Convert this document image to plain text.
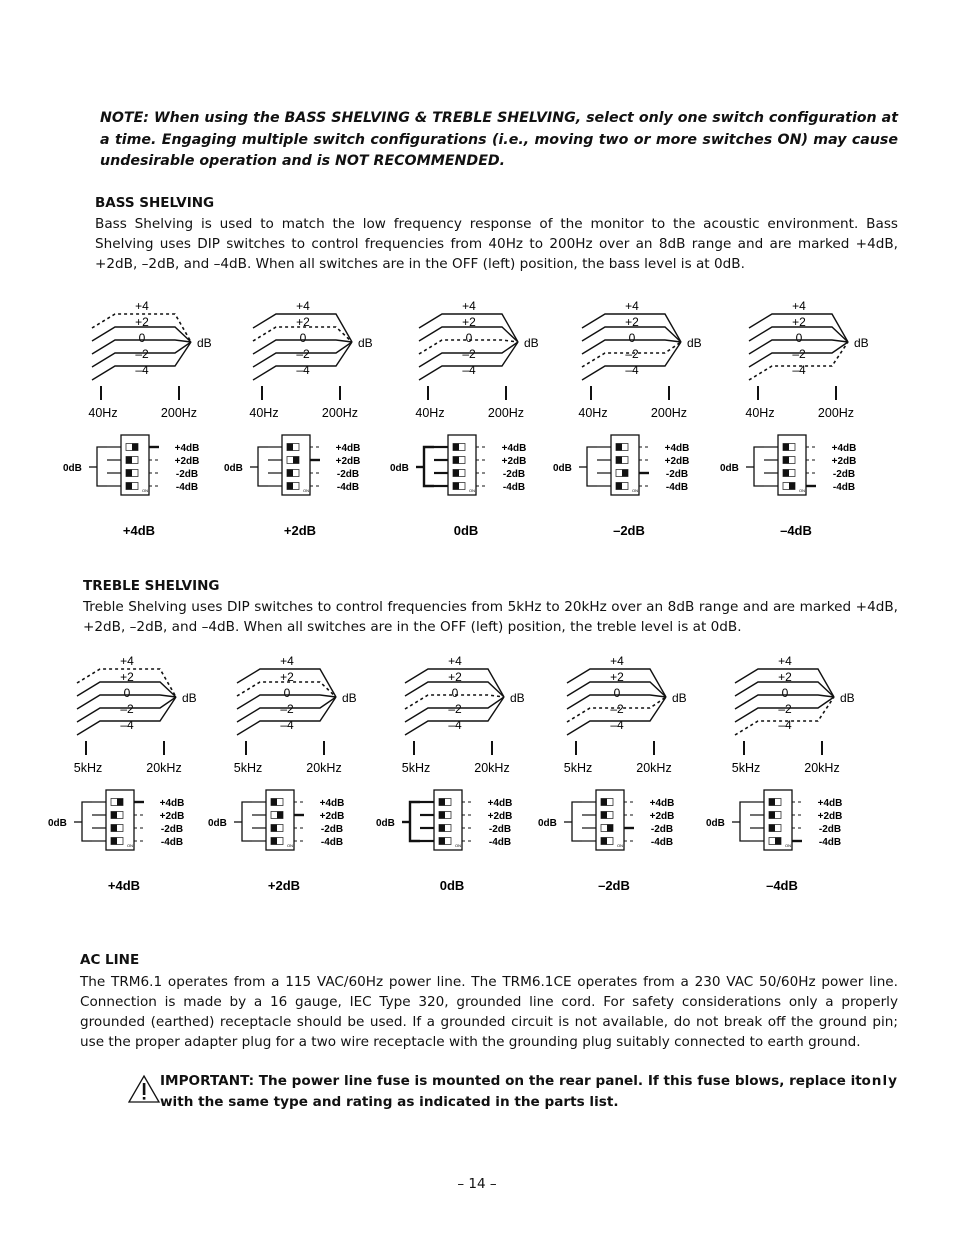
NOTE: When using the BASS SHELVING & TREBLE SHELVING, select only one switch configuration at a time. Engaging multiple switch configurations (i.e., moving two or more switches ON) may cause undesirable operation and is NOT RECOMMENDED.
BASS SHELVING
Bass Shelving is used to match the low frequency response of the monitor to the acoustic environment. Bass Shelving uses DIP switches to control frequencies from 40Hz to 200Hz over an 8dB range and are marked +4dB, +2dB, –2dB, and –4dB. When all switches are in the OFF (left) position, the bass level is at 0dB.
+4
+2
0
–2
–4
dB
40Hz	200Hz
0dB
+4dB
+2dB
-2dB
-4dB
ON
+4dB
+4
+2
0
–2
–4
dB
40Hz	200Hz
0dB
+4dB
+2dB
-2dB
-4dB
ON
+2dB
+4
+2
0
–2
–4
dB
40Hz	200Hz
0dB
+4dB
+2dB
-2dB
-4dB
ON
0dB
+4
+2
0
–2
–4
dB
40Hz	200Hz
0dB
+4dB
+2dB
-2dB
-4dB
ON
–2dB
+4
+2
0
–2
–4
dB
40Hz	200Hz
0dB
+4dB
+2dB
-2dB
-4dB
ON
–4dB
TREBLE SHELVING
Treble Shelving uses DIP switches to control frequencies from 5kHz to 20kHz over an 8dB range and are marked +4dB, +2dB, –2dB, and –4dB. When all switches are in the OFF (left) position, the treble level is at 0dB.
+4
+2
0
–2
–4
dB
5kHz	20kHz
0dB
+4dB
+2dB
-2dB
-4dB
ON
+4dB
+4
+2
0
–2
–4
dB
5kHz	20kHz
0dB
+4dB
+2dB
-2dB
-4dB
ON
+2dB
+4
+2
0
–2
–4
dB
5kHz	20kHz
0dB
+4dB
+2dB
-2dB
-4dB
ON
0dB
+4
+2
0
–2
–4
dB
5kHz	20kHz
0dB
+4dB
+2dB
-2dB
-4dB
ON
–2dB
+4
+2
0
–2
–4
dB
5kHz	20kHz
0dB
+4dB
+2dB
-2dB
-4dB
ON
–4dB
AC LINE
The TRM6.1 operates from a 115 VAC/60Hz power line. The TRM6.1CE operates from a 230 VAC 50/60Hz power line. Connection is made by a 16 gauge, IEC Type 320, grounded line cord. For safety considerations only a properly grounded (earthed) receptacle should be used. If a grounded circuit is not available, do not break off the ground pin; use the proper adapter plug for a two wire receptacle with the grounding plug suitably connected to earth ground.
IMPORTANT: The power line fuse is mounted on the rear panel. If this fuse blows, replace it only

with the same type and rating as indicated in the parts list.
– 14 –
